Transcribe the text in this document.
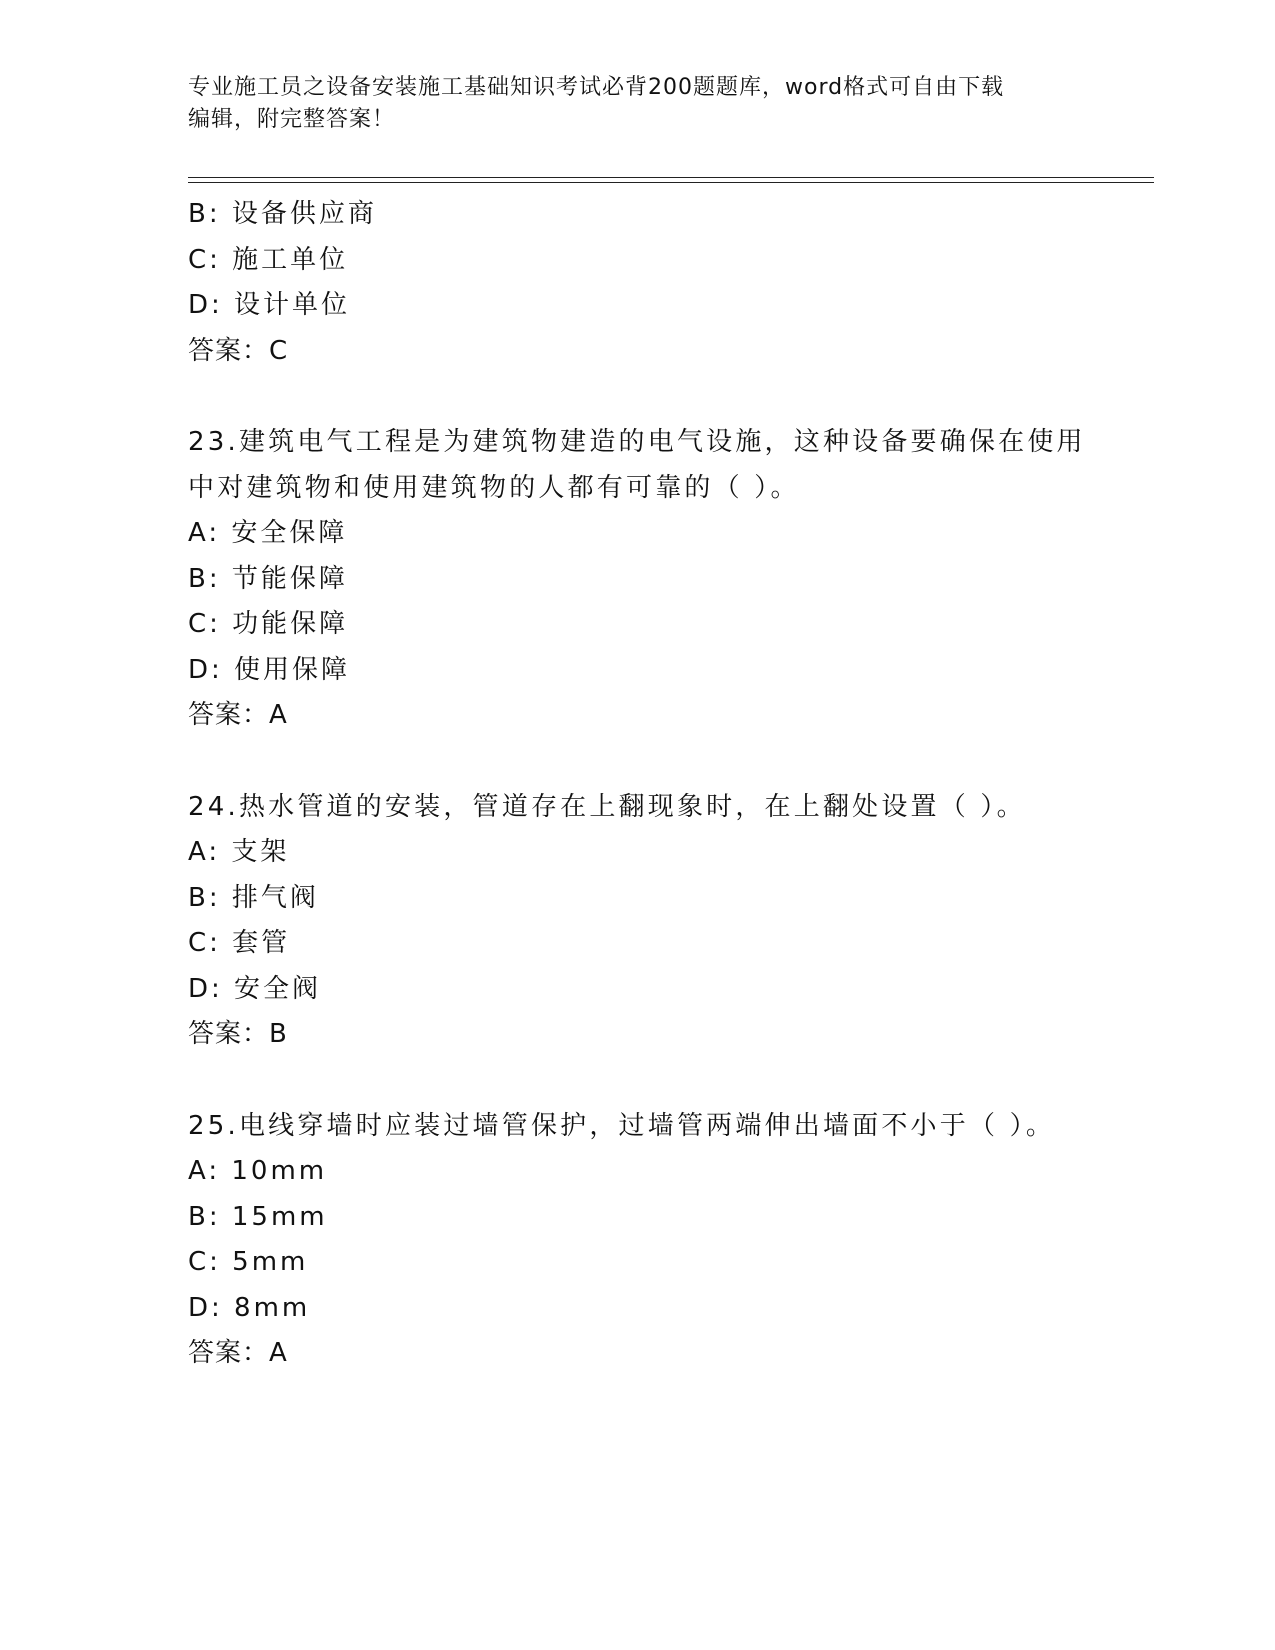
专业施工员之设备安装施工基础知识考试必背200题题库，word格式可自由下载
编辑，附完整答案！
B: 设备供应商
C: 施工单位
D: 设计单位
答案：C
23.建筑电气工程是为建筑物建造的电气设施，这种设备要确保在使用
中对建筑物和使用建筑物的人都有可靠的（ ）。
A: 安全保障
B: 节能保障
C: 功能保障
D: 使用保障
答案：A
24.热水管道的安装，管道存在上翻现象时，在上翻处设置（ ）。
A: 支架
B: 排气阀
C: 套管
D: 安全阀
答案：B
25.电线穿墙时应装过墙管保护，过墙管两端伸出墙面不小于（ ）。
A: 10mm
B: 15mm
C: 5mm
D: 8mm
答案：A
